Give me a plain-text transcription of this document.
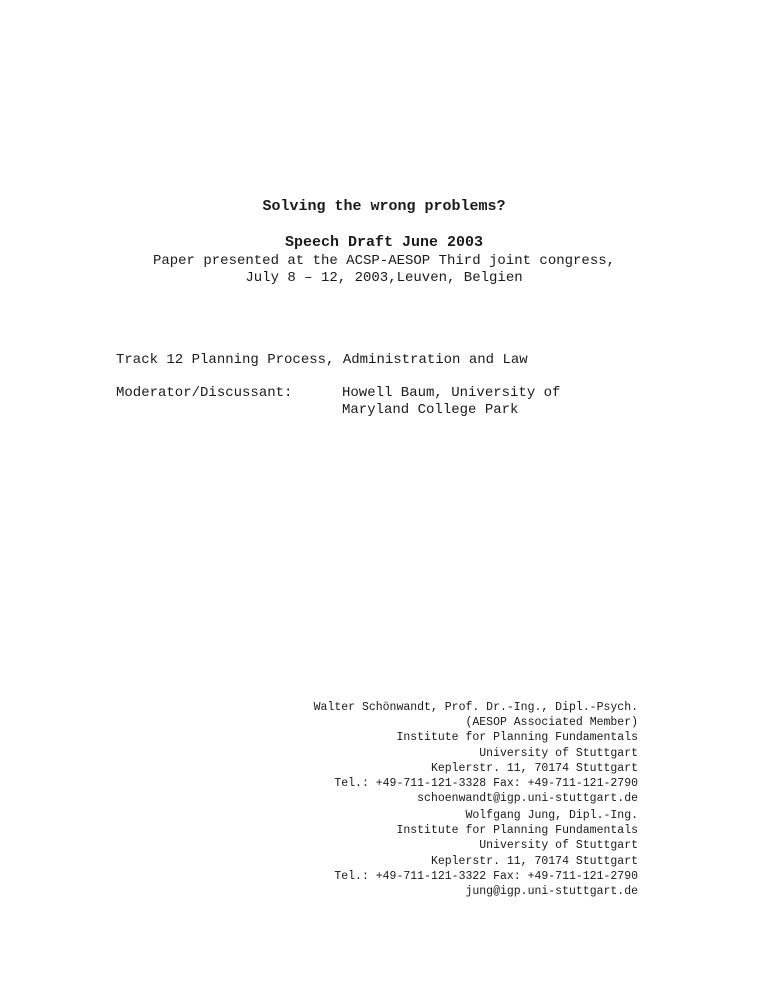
Solving the wrong problems?
Speech Draft June 2003
Paper presented at the ACSP-AESOP Third joint congress,
July 8 – 12, 2003,Leuven, Belgien
Track 12 Planning Process, Administration and Law
Moderator/Discussant:	Howell Baum, University of
Maryland College Park
Walter Schönwandt, Prof. Dr.-Ing., Dipl.-Psych.
(AESOP Associated Member)
Institute for Planning Fundamentals
University of Stuttgart
Keplerstr. 11, 70174 Stuttgart
Tel.: +49-711-121-3328 Fax: +49-711-121-2790
schoenwandt@igp.uni-stuttgart.de
Wolfgang Jung, Dipl.-Ing.
Institute for Planning Fundamentals
University of Stuttgart
Keplerstr. 11, 70174 Stuttgart
Tel.: +49-711-121-3322 Fax: +49-711-121-2790
jung@igp.uni-stuttgart.de
